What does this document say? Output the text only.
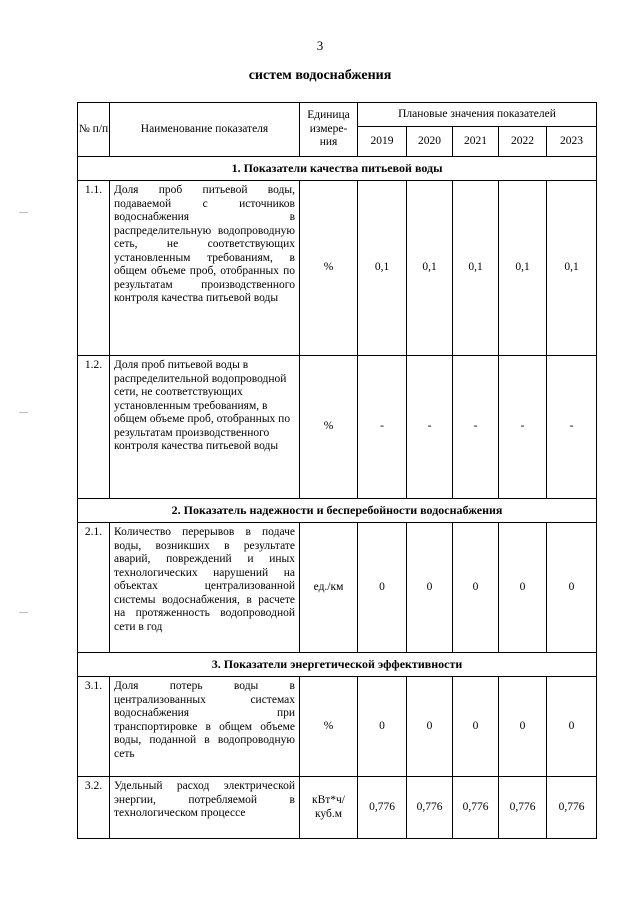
3
систем водоснабжения
№ п/п	Наименование показателя	Единица измере- ния	Плановые значения показателей				
			2019	2020	2021	2022	2023
1. Показатели качества питьевой воды							
1.1.	Доля проб питьевой воды, подаваемой с источников водоснабжения в распределительную водопроводную сеть, не соответствующих установленным требованиям, в общем объеме проб, отобранных по результатам производственного контроля качества питьевой воды	%	0,1	0,1	0,1	0,1	0,1
1.2.	Доля проб питьевой воды в распределительной водопроводной сети, не соответствующих установленным требованиям, в общем объеме проб, отобранных по результатам производственного контроля качества питьевой воды	%	-	-	-	-	-
2. Показатель надежности и бесперебойности водоснабжения							
2.1.	Количество перерывов в подаче воды, возникших в результате аварий, повреждений и иных технологических нарушений на объектах централизованной системы водоснабжения, в расчете на протяженность водопроводной сети в год	ед./км	0	0	0	0	0
3. Показатели энергетической эффективности							
3.1.	Доля потерь воды в централизованных системах водоснабжения при транспортировке в общем объеме воды, поданной в водопроводную сеть	%	0	0	0	0	0
3.2.	Удельный расход электрической энергии, потребляемой в технологическом процессе	кВт*ч/ куб.м	0,776	0,776	0,776	0,776	0,776
